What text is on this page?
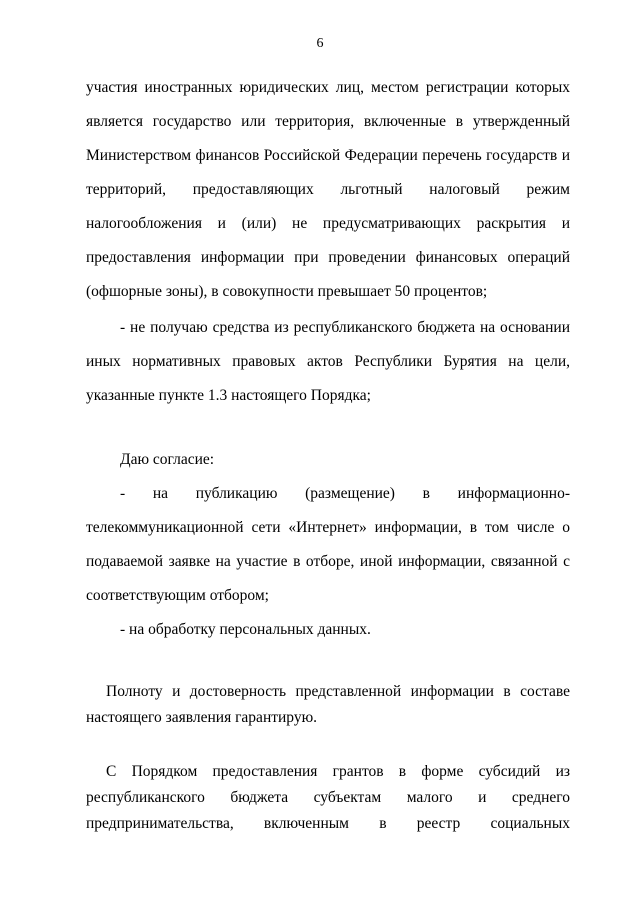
6
участия иностранных юридических лиц, местом регистрации которых
является государство или территория, включенные в утвержденный
Министерством финансов Российской Федерации перечень государств и
территорий, предоставляющих льготный налоговый режим
налогообложения и (или) не предусматривающих раскрытия и
предоставления информации при проведении финансовых операций
(офшорные зоны), в совокупности превышает 50 процентов;
- не получаю средства из республиканского бюджета на основании
иных нормативных правовых актов Республики Бурятия на цели,
указанные пункте 1.3 настоящего Порядка;
Даю согласие:
- на публикацию (размещение) в информационно-
телекоммуникационной сети «Интернет» информации, в том числе о
подаваемой заявке на участие в отборе, иной информации, связанной с
соответствующим отбором;
- на обработку персональных данных.
Полноту и достоверность представленной информации в составе
настоящего заявления гарантирую.
С Порядком предоставления грантов в форме субсидий из
республиканского бюджета субъектам малого и среднего
предпринимательства, включенным в реестр социальных
